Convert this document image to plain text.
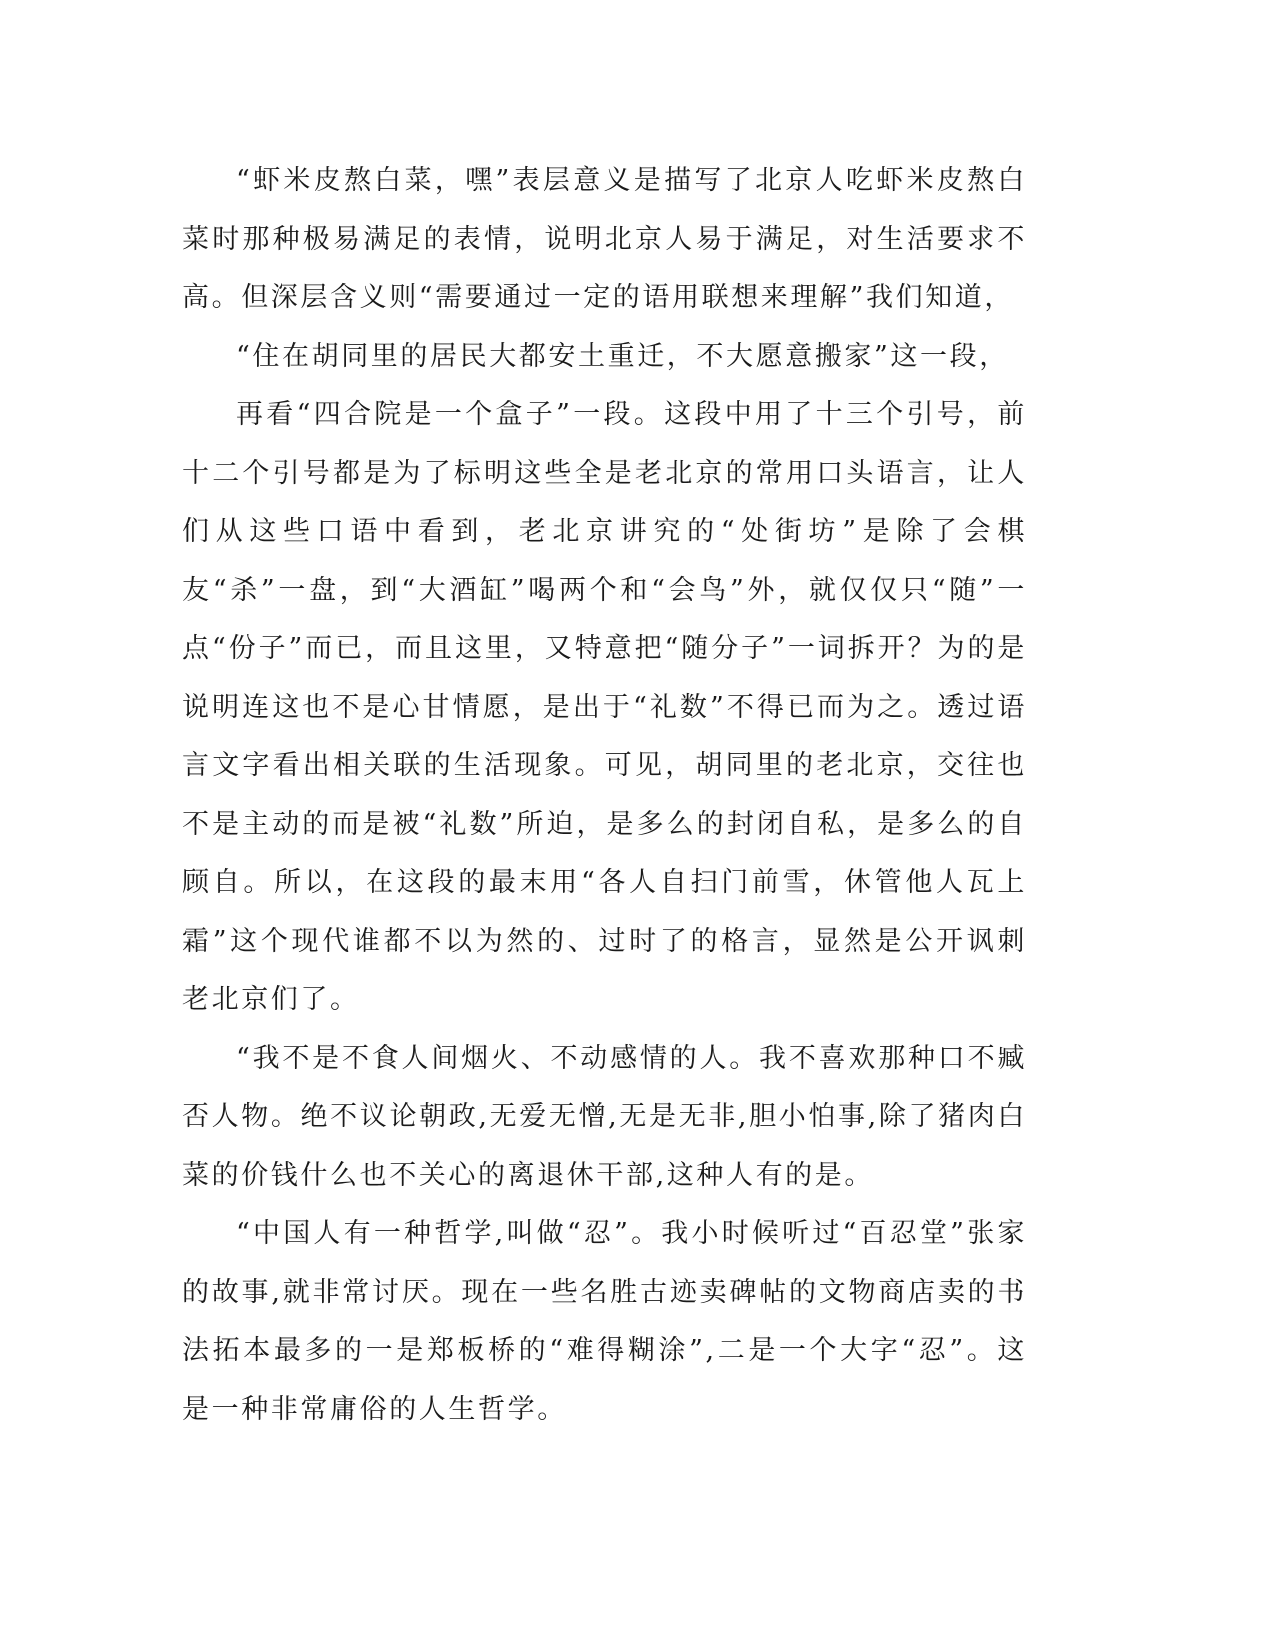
“虾米皮熬白菜，嘿”表层意义是描写了北京人吃虾米皮熬白菜时那种极易满足的表情，说明北京人易于满足，对生活要求不高。但深层含义则“需要通过一定的语用联想来理解”我们知道，

“住在胡同里的居民大都安土重迁，不大愿意搬家”这一段，

再看“四合院是一个盒子”一段。这段中用了十三个引号，前十二个引号都是为了标明这些全是老北京的常用口头语言，让人们从这些口语中看到，老北京讲究的“处街坊”是除了会棋友“杀”一盘，到“大酒缸”喝两个和“会鸟”外，就仅仅只“随”一点“份子”而已，而且这里，又特意把“随分子”一词拆开？为的是说明连这也不是心甘情愿，是出于“礼数”不得已而为之。透过语言文字看出相关联的生活现象。可见，胡同里的老北京，交往也不是主动的而是被“礼数”所迫，是多么的封闭自私，是多么的自顾自。所以，在这段的最末用“各人自扫门前雪，休管他人瓦上霜”这个现代谁都不以为然的、过时了的格言，显然是公开讽刺老北京们了。

“我不是不食人间烟火、不动感情的人。我不喜欢那种口不臧否人物。绝不议论朝政,无爱无憎,无是无非,胆小怕事,除了猪肉白菜的价钱什么也不关心的离退休干部,这种人有的是。

“中国人有一种哲学,叫做“忍”。我小时候听过“百忍堂”张家的故事,就非常讨厌。现在一些名胜古迹卖碑帖的文物商店卖的书法拓本最多的一是郑板桥的“难得糊涂”,二是一个大字“忍”。这是一种非常庸俗的人生哲学。
